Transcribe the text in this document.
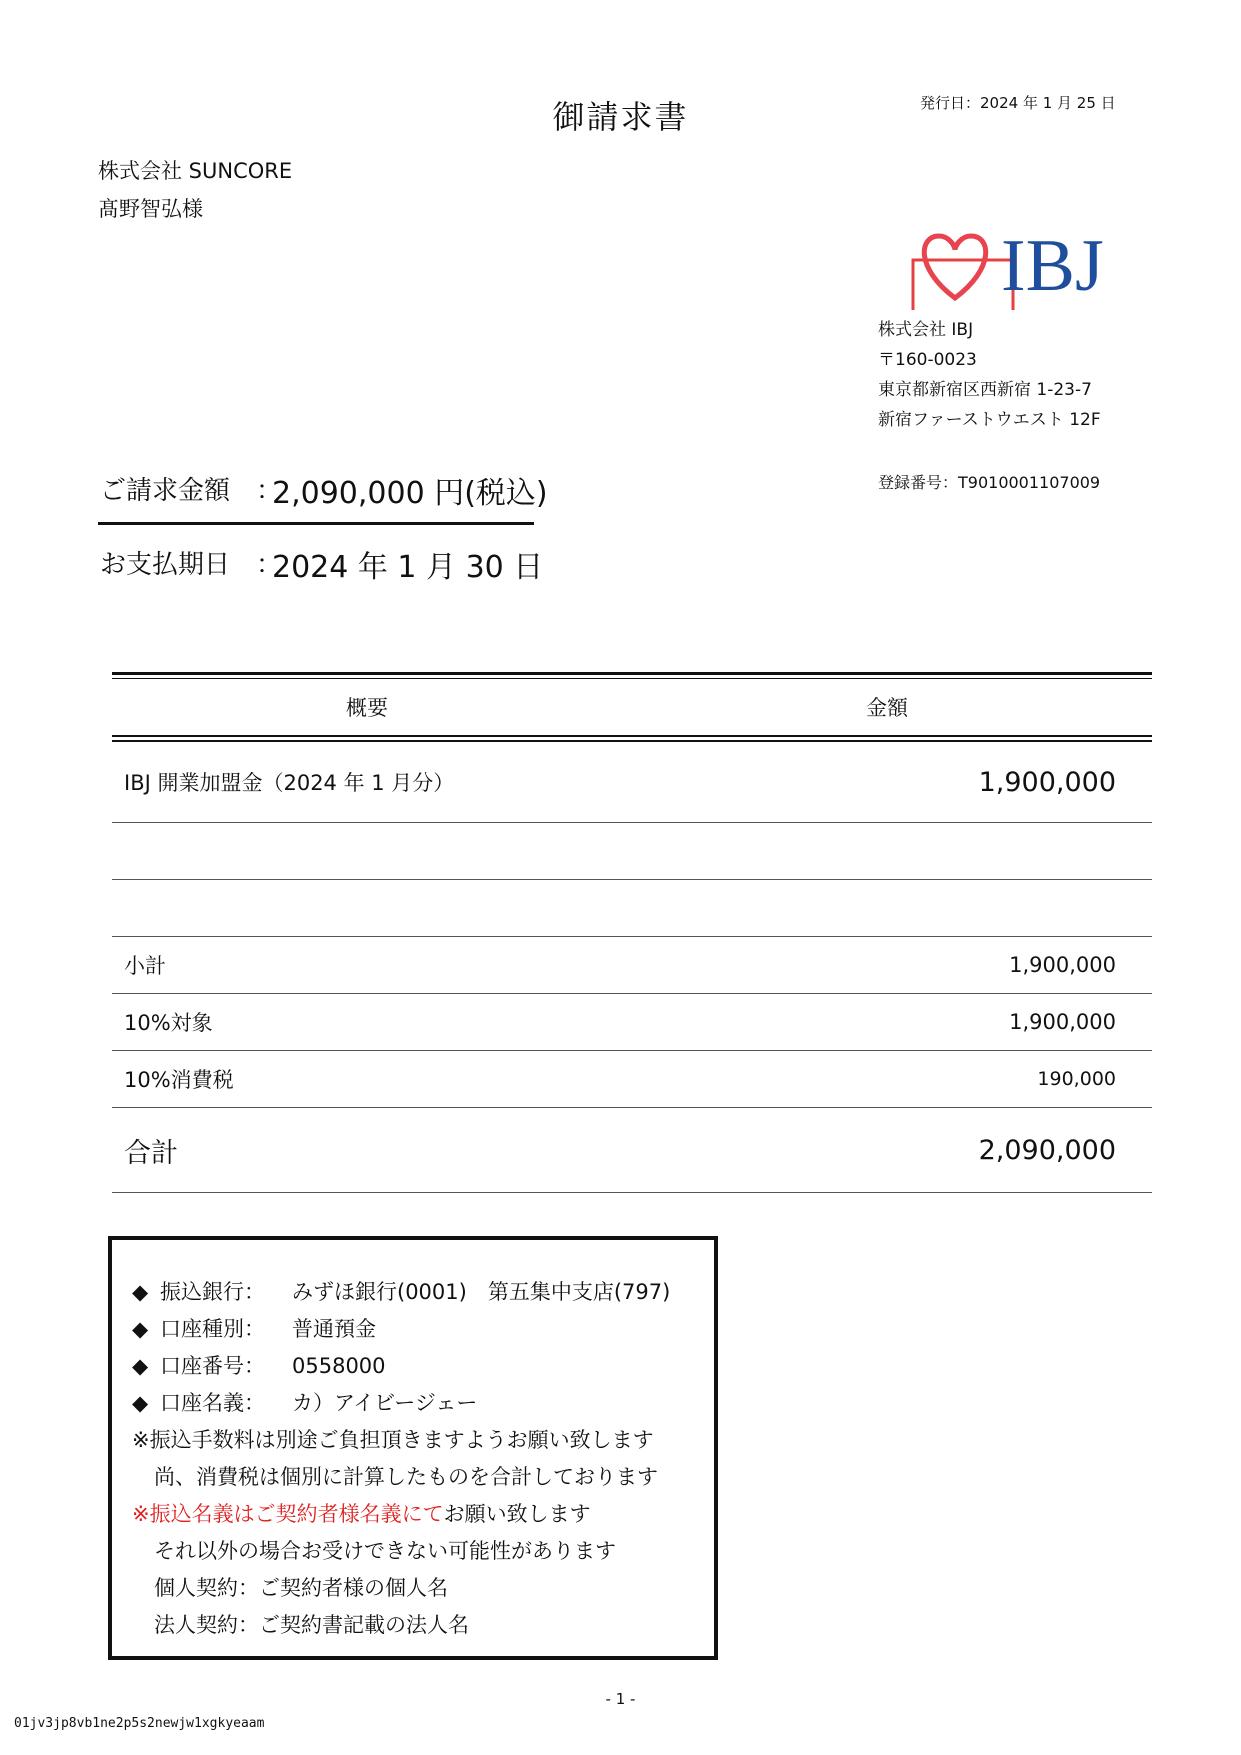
御請求書	発行日：2024 年 1 月 25 日
株式会社 SUNCORE
髙野智弘様
IBJ
株式会社 IBJ
〒160-0023
東京都新宿区西新宿 1-23-7
新宿ファーストウエスト 12F
登録番号：T9010001107009
ご請求金額　：
2,090,000 円(税込)
お支払期日　：
2024 年 1 月 30 日
概要	金額
IBJ 開業加盟金（2024 年 1 月分）	1,900,000
小計	1,900,000
10%対象	1,900,000
10%消費税	190,000
合計	2,090,000
◆ 振込銀行： みずほ銀行(0001)　第五集中支店(797)
◆ 口座種別： 普通預金
◆ 口座番号： 0558000
◆ 口座名義： カ）アイビージェー
※振込手数料は別途ご負担頂きますようお願い致します
尚、消費税は個別に計算したものを合計しております
※振込名義はご契約者様名義にてお願い致します
それ以外の場合お受けできない可能性があります
個人契約：ご契約者様の個人名
法人契約：ご契約書記載の法人名
- 1 -
01jv3jp8vb1ne2p5s2newjw1xgkyeaam
